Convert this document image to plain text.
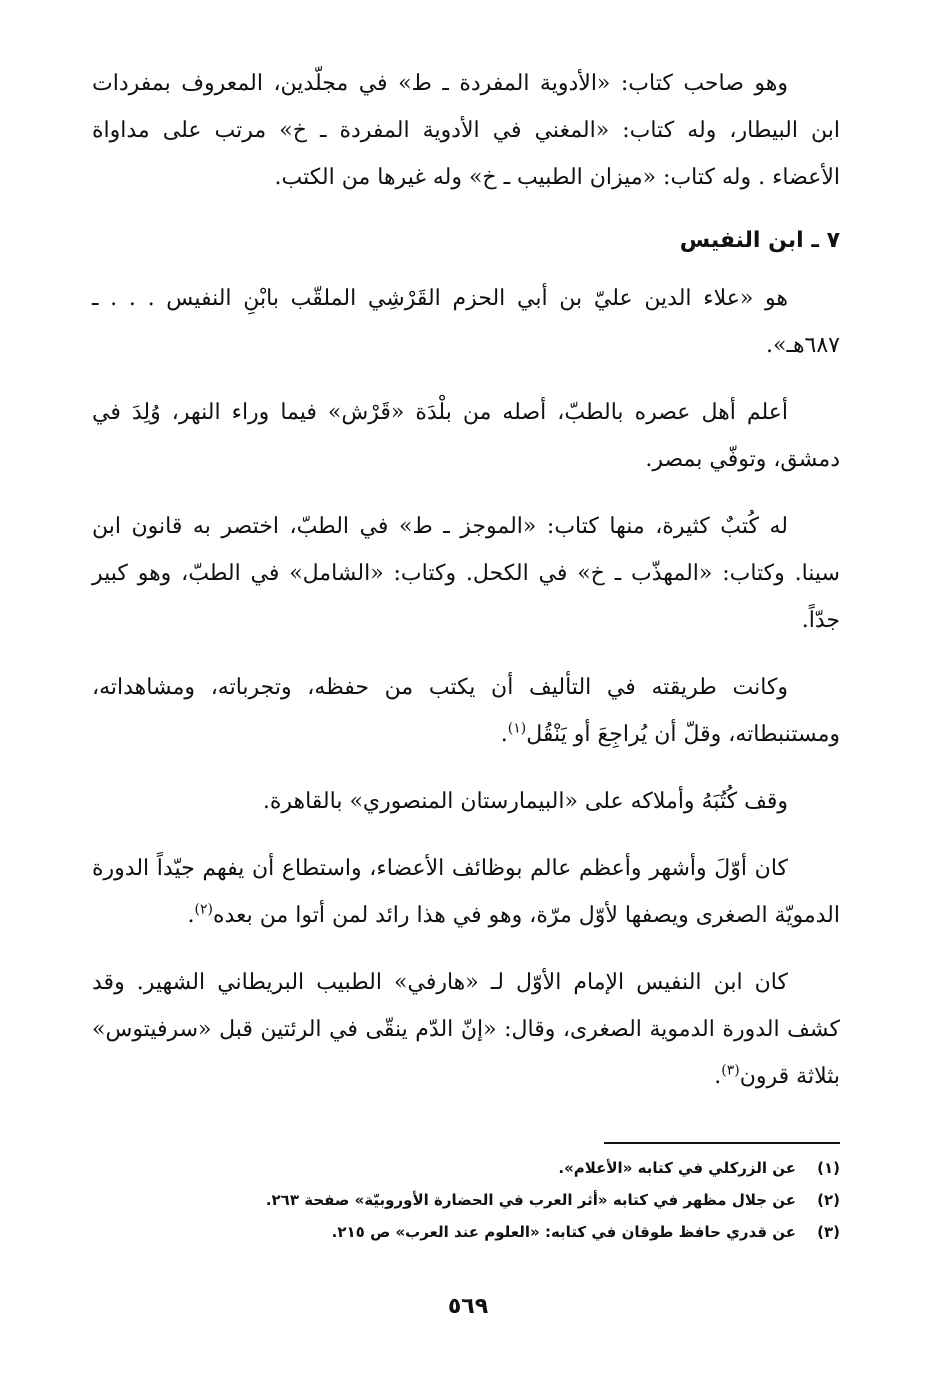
وهو صاحب كتاب: «الأدوية المفردة ـ ط» في مجلّدين، المعروف بمفردات ابن البيطار، وله كتاب: «المغني في الأدوية المفردة ـ خ» مرتب على مداواة الأعضاء . وله كتاب: «ميزان الطبيب ـ خ» وله غيرها من الكتب.

٧ ـ ابن النفيس

هو «علاء الدين عليّ بن أبي الحزم القَرْشِي الملقّب بابْنِ النفيس . . . ـ ٦٨٧هـ».

أعلم أهل عصره بالطبّ، أصله من بلْدَة «قَرْش» فيما وراء النهر، وُلِدَ في دمشق، وتوفّي بمصر.

له كُتبٌ كثيرة، منها كتاب: «الموجز ـ ط» في الطبّ، اختصر به قانون ابن سينا. وكتاب: «المهذّب ـ خ» في الكحل. وكتاب: «الشامل» في الطبّ، وهو كبير جدّاً.

وكانت طريقته في التأليف أن يكتب من حفظه، وتجرباته، ومشاهداته، ومستنبطاته، وقلّ أن يُراجِعَ أو يَنْقُل$^{(١)}$.

وقف كُتُبَهُ وأملاكه على «البيمارستان المنصوري» بالقاهرة.

كان أوّلَ وأشهر وأعظم عالم بوظائف الأعضاء، واستطاع أن يفهم جيّداً الدورة الدمويّة الصغرى ويصفها لأوّل مرّة، وهو في هذا رائد لمن أتوا من بعده$^{(٢)}$.

كان ابن النفيس الإمام الأوّل لـ «هارفي» الطبيب البريطاني الشهير. وقد كشف الدورة الدموية الصغرى، وقال: «إنّ الدّم ينقّى في الرئتين قبل «سرفيتوس» بثلاثة قرون$^{(٣)}$.

(١)عن الزركلي في كتابه «الأعلام».
(٢)عن جلال مظهر في كتابه «أثر العرب في الحضارة الأوروبيّة» صفحة ٢٦٣.
(٣)عن قدري حافظ طوقان في كتابه: «العلوم عند العرب» ص ٢١٥.
٥٦٩
